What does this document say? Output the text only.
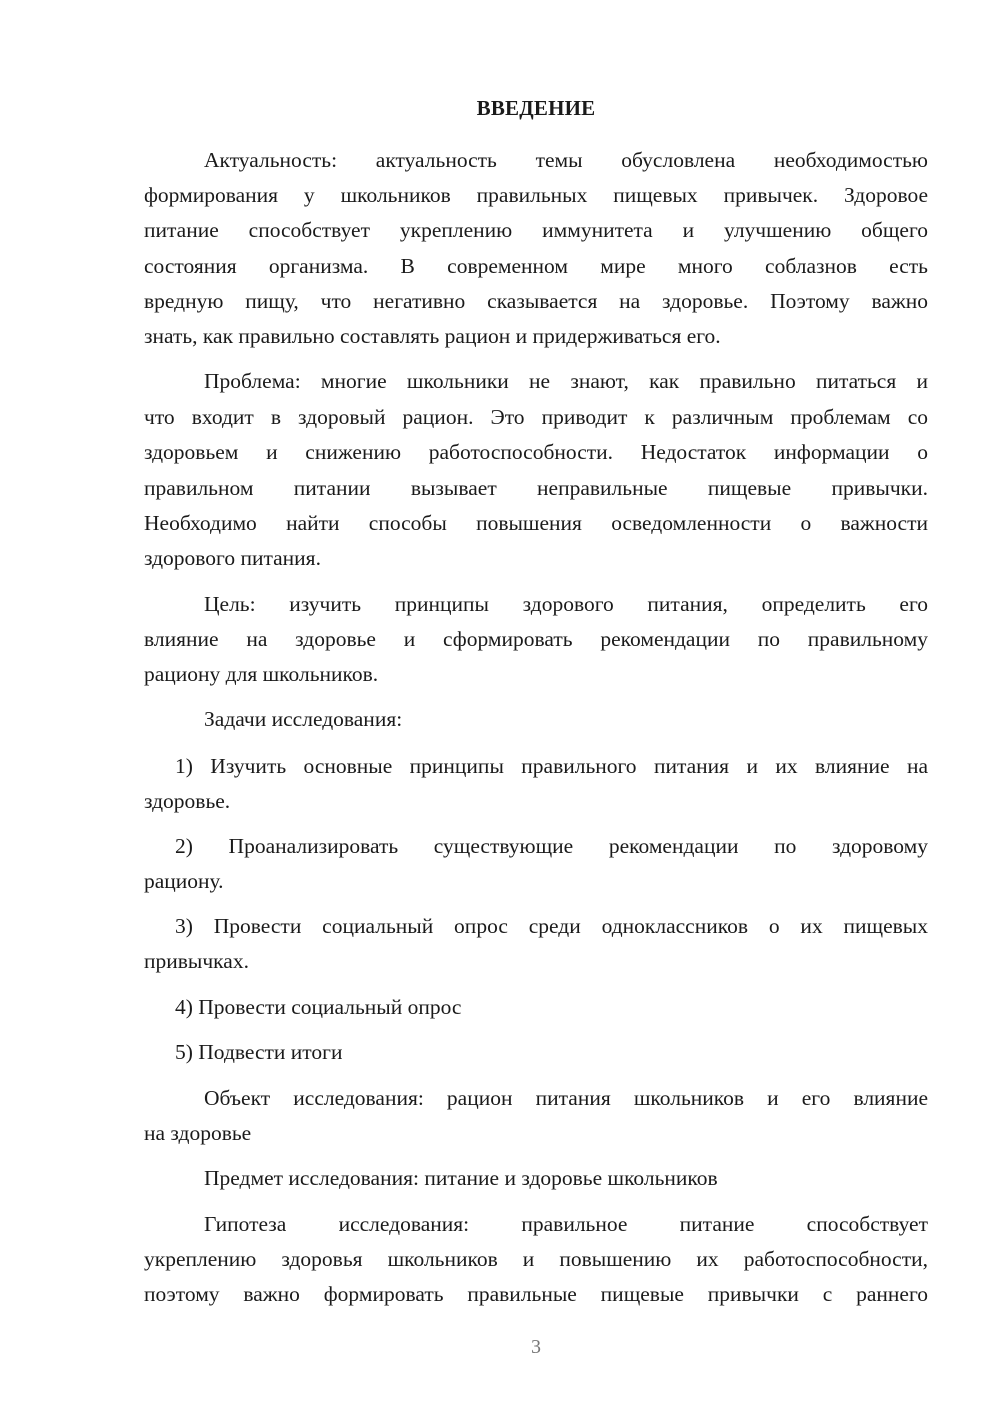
ВВЕДЕНИЕ
Актуальность: актуальность темы обусловлена необходимостью
формирования у школьников правильных пищевых привычек. Здоровое
питание способствует укреплению иммунитета и улучшению общего
состояния организма. В современном мире много соблазнов есть
вредную пищу, что негативно сказывается на здоровье. Поэтому важно
знать, как правильно составлять рацион и придерживаться его.
Проблема: многие школьники не знают, как правильно питаться и
что входит в здоровый рацион. Это приводит к различным проблемам со
здоровьем и снижению работоспособности. Недостаток информации о
правильном питании вызывает неправильные пищевые привычки.
Необходимо найти способы повышения осведомленности о важности
здорового питания.
Цель: изучить принципы здорового питания, определить его
влияние на здоровье и сформировать рекомендации по правильному
рациону для школьников.
Задачи исследования:
1) Изучить основные принципы правильного питания и их влияние на
здоровье.
2) Проанализировать существующие рекомендации по здоровому
рациону.
3) Провести социальный опрос среди одноклассников о их пищевых
привычках.
4) Провести социальный опрос
5) Подвести итоги
Объект исследования: рацион питания школьников и его влияние
на здоровье
Предмет исследования: питание и здоровье школьников
Гипотеза исследования: правильное питание способствует
укреплению здоровья школьников и повышению их работоспособности,
поэтому важно формировать правильные пищевые привычки с раннего
3
